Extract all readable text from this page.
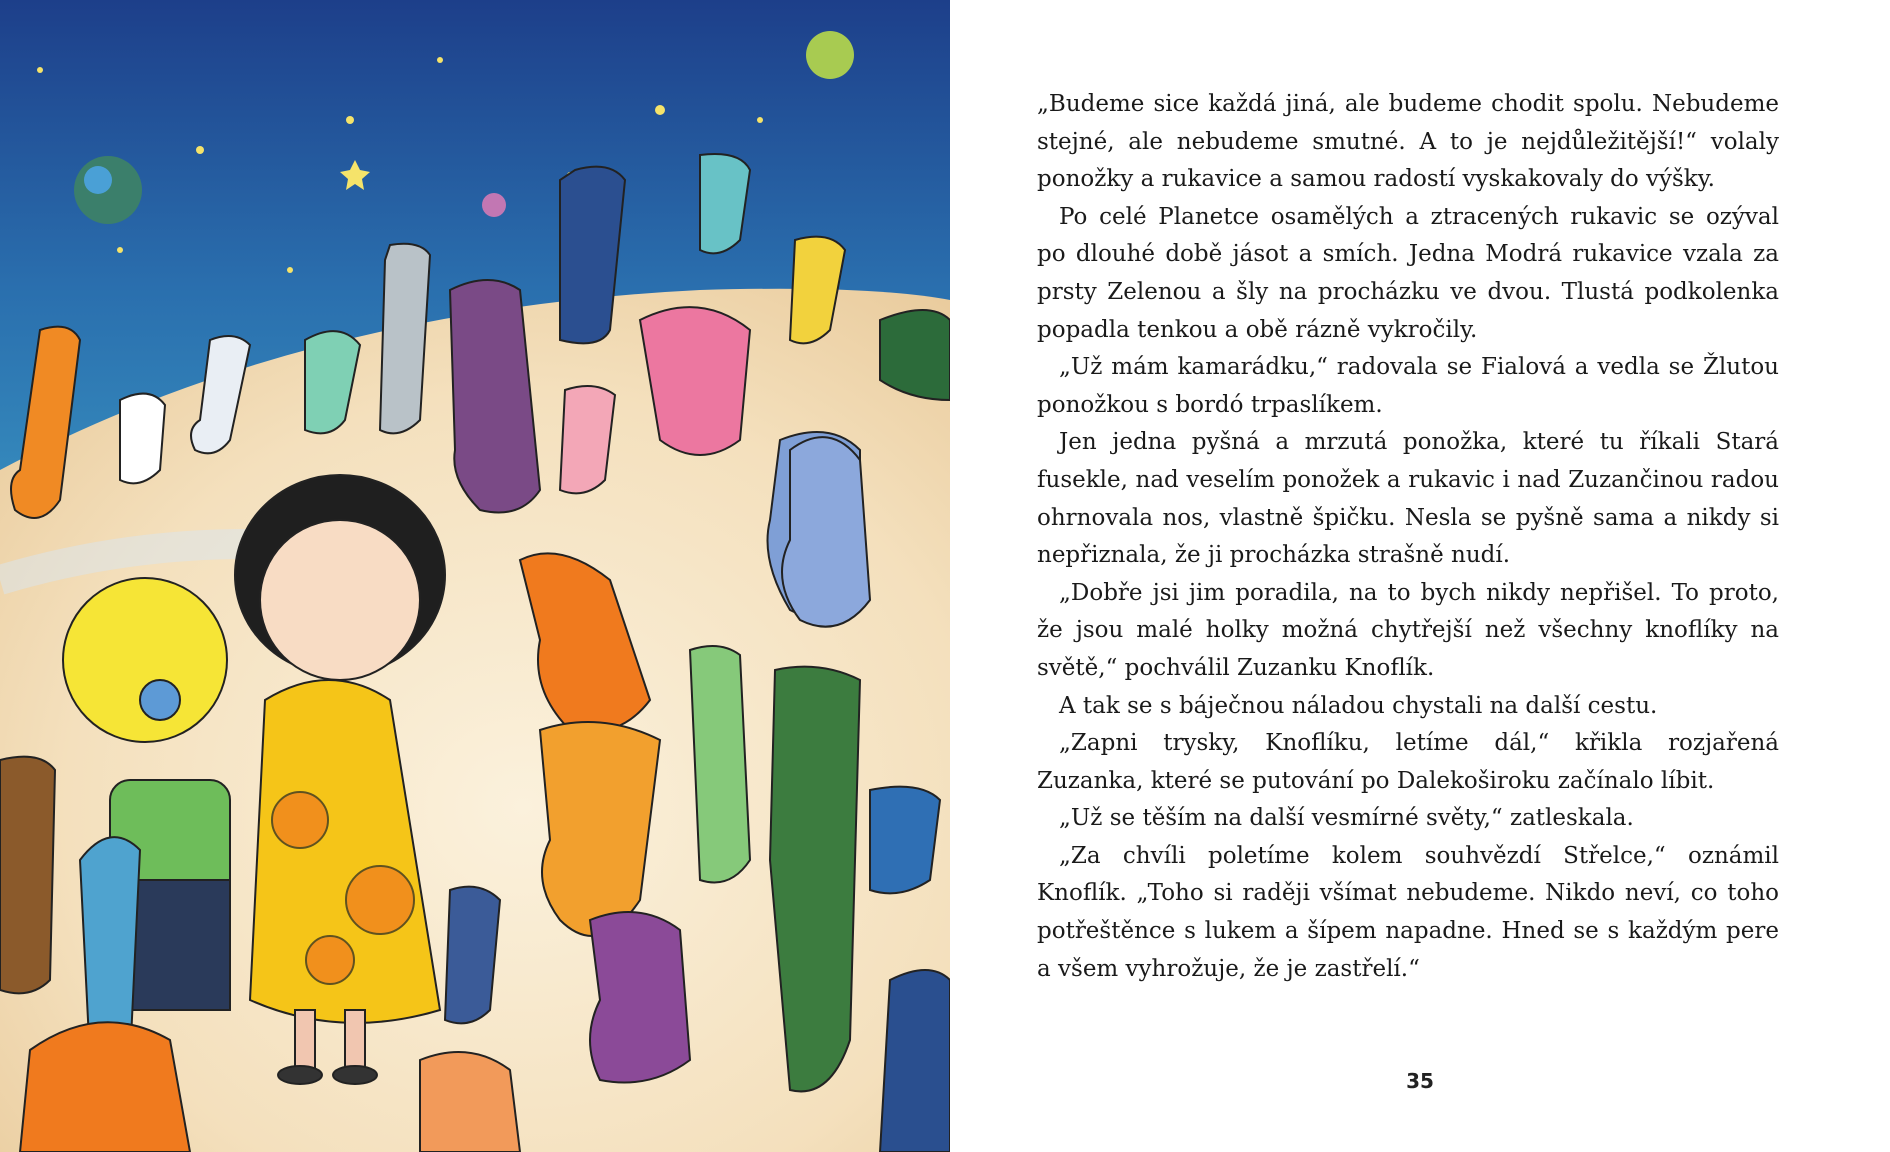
„Budeme sice každá jiná, ale budeme chodit spolu. Nebudeme stejné, ale nebudeme smutné. A to je nejdůležitější!“ volaly ponožky a rukavice a samou radostí vyskakovaly do výšky.

Po celé Planetce osamělých a ztracených rukavic se ozýval po dlouhé době jásot a smích. Jedna Modrá rukavice vzala za prsty Zelenou a šly na procházku ve dvou. Tlustá podkolenka popadla tenkou a obě rázně vykročily.

„Už mám kamarádku,“ radovala se Fialová a vedla se Žlutou ponožkou s bordó trpaslíkem.

Jen jedna pyšná a mrzutá ponožka, které tu říkali Stará fusekle, nad veselím ponožek a rukavic i nad Zuzančinou radou ohrnovala nos, vlastně špičku. Nesla se pyšně sama a nikdy si nepřiznala, že ji procházka strašně nudí.

„Dobře jsi jim poradila, na to bych nikdy nepřišel. To proto, že jsou malé holky možná chytřejší než všechny knoflíky na světě,“ pochválil Zuzanku Knoflík.

A tak se s báječnou náladou chystali na další cestu.

„Zapni trysky, Knoflíku, letíme dál,“ křikla rozjařená Zuzanka, které se putování po Dalekoširoku začínalo líbit.

„Už se těším na další vesmírné světy,“ zatleskala.

„Za chvíli poletíme kolem souhvězdí Střelce,“ oznámil Knoflík. „Toho si raději všímat nebudeme. Nikdo neví, co toho potřeštěnce s lukem a šípem napadne. Hned se s každým pere a všem vyhrožuje, že je zastřelí.“

35
